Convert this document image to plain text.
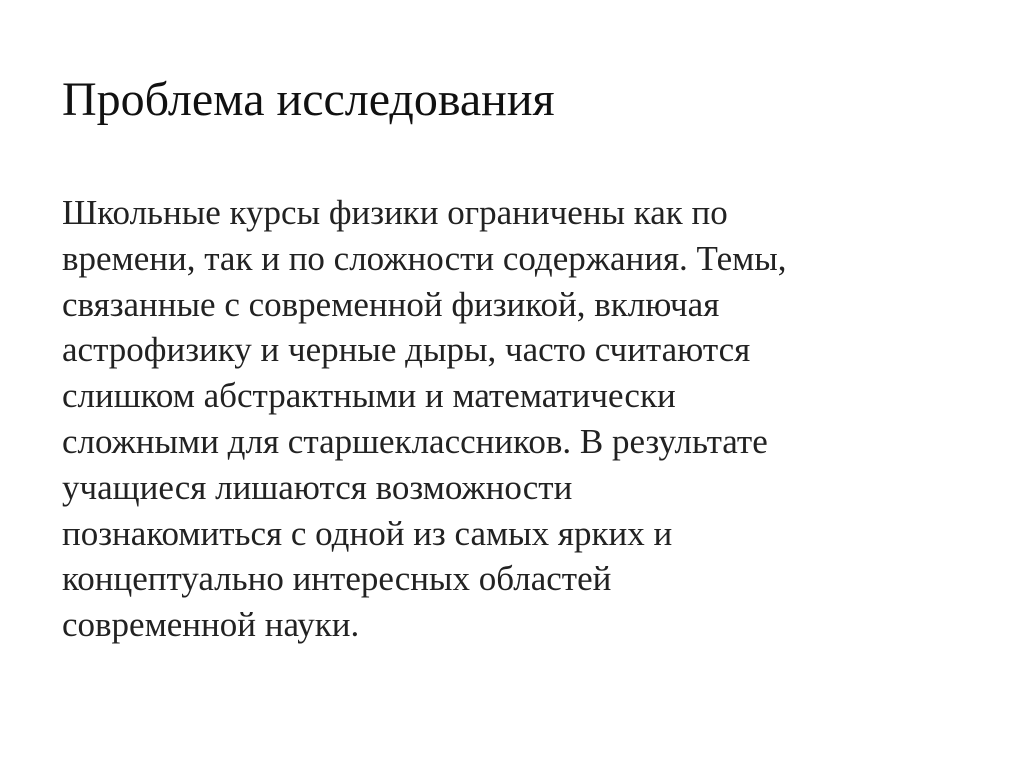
Проблема исследования
Школьные курсы физики ограничены как по
времени, так и по сложности содержания. Темы,
связанные с современной физикой, включая
астрофизику и черные дыры, часто считаются
слишком абстрактными и математически
сложными для старшеклассников. В результате
учащиеся лишаются возможности
познакомиться с одной из самых ярких и
концептуально интересных областей
современной науки.
